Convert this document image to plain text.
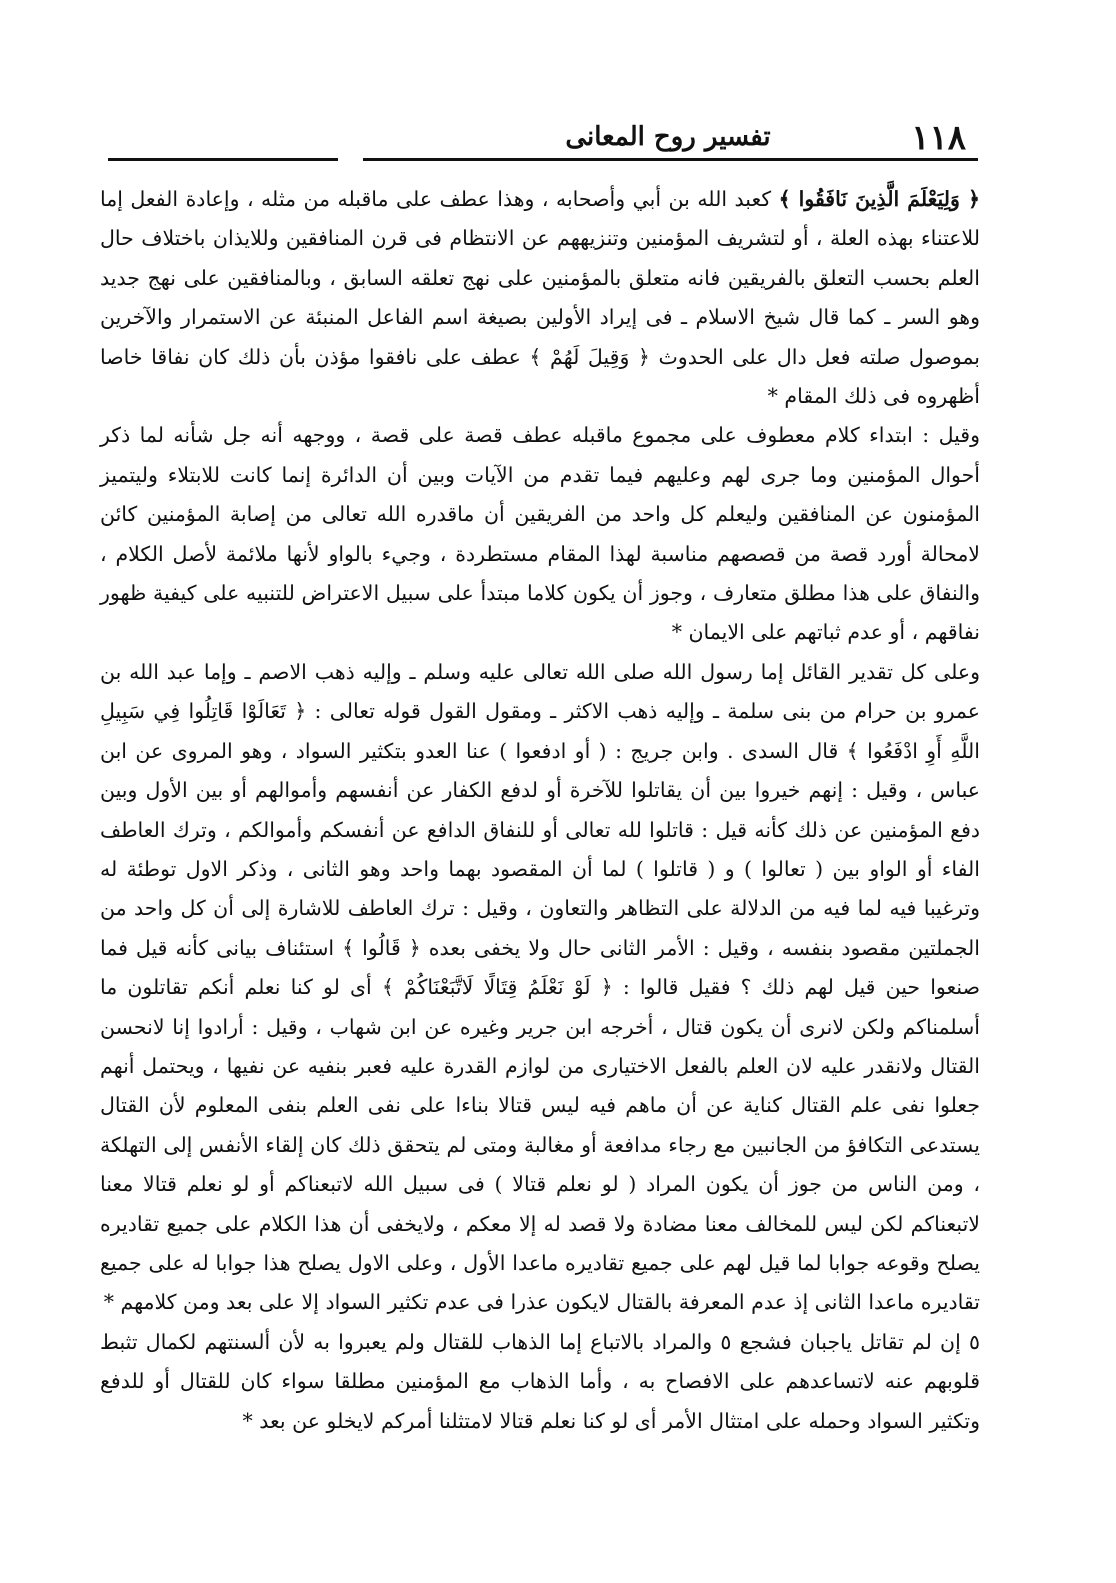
١١٨
تفسير روح المعانى

﴿ وَلِيَعْلَمَ الَّذِينَ نَافَقُوا ﴾ كعبد الله بن أبي وأصحابه ، وهذا عطف على ماقبله من مثله ، وإعادة الفعل إما للاعتناء بهذه العلة ، أو لتشريف المؤمنين وتنزيههم عن الانتظام فى قرن المنافقين وللايذان باختلاف حال العلم بحسب التعلق بالفريقين فانه متعلق بالمؤمنين على نهج تعلقه السابق ، وبالمنافقين على نهج جديد وهو السر ـ كما قال شيخ الاسلام ـ فى إيراد الأولين بصيغة اسم الفاعل المنبئة عن الاستمرار والآخرين بموصول صلته فعل دال على الحدوث ﴿ وَقِيلَ لَهُمْ ﴾ عطف على نافقوا مؤذن بأن ذلك كان نفاقا خاصا أظهروه فى ذلك المقام *

وقيل : ابتداء كلام معطوف على مجموع ماقبله عطف قصة على قصة ، ووجهه أنه جل شأنه لما ذكر أحوال المؤمنين وما جرى لهم وعليهم فيما تقدم من الآيات وبين أن الدائرة إنما كانت للابتلاء وليتميز المؤمنون عن المنافقين وليعلم كل واحد من الفريقين أن ماقدره الله تعالى من إصابة المؤمنين كائن لامحالة أورد قصة من قصصهم مناسبة لهذا المقام مستطردة ، وجيء بالواو لأنها ملائمة لأصل الكلام ، والنفاق على هذا مطلق متعارف ، وجوز أن يكون كلاما مبتدأ على سبيل الاعتراض للتنبيه على كيفية ظهور نفاقهم ، أو عدم ثباتهم على الايمان *

وعلى كل تقدير القائل إما رسول الله صلى الله تعالى عليه وسلم ـ وإليه ذهب الاصم ـ وإما عبد الله بن عمرو بن حرام من بنى سلمة ـ وإليه ذهب الاكثر ـ ومقول القول قوله تعالى : ﴿ تَعَالَوْا قَاتِلُوا فِي سَبِيلِ اللَّهِ أَوِ ادْفَعُوا ﴾ قال السدى . وابن جريج : ( أو ادفعوا ) عنا العدو بتكثير السواد ، وهو المروى عن ابن عباس ، وقيل : إنهم خيروا بين أن يقاتلوا للآخرة أو لدفع الكفار عن أنفسهم وأموالهم أو بين الأول وبين دفع المؤمنين عن ذلك كأنه قيل : قاتلوا لله تعالى أو للنفاق الدافع عن أنفسكم وأموالكم ، وترك العاطف الفاء أو الواو بين ( تعالوا ) و ( قاتلوا ) لما أن المقصود بهما واحد وهو الثانى ، وذكر الاول توطئة له وترغيبا فيه لما فيه من الدلالة على التظاهر والتعاون ، وقيل : ترك العاطف للاشارة إلى أن كل واحد من الجملتين مقصود بنفسه ، وقيل : الأمر الثانى حال ولا يخفى بعده ﴿ قَالُوا ﴾ استئناف بيانى كأنه قيل فما صنعوا حين قيل لهم ذلك ؟ فقيل قالوا : ﴿ لَوْ نَعْلَمُ قِتَالًا لَاتَّبَعْنَاكُمْ ﴾ أى لو كنا نعلم أنكم تقاتلون ما أسلمناكم ولكن لانرى أن يكون قتال ، أخرجه ابن جرير وغيره عن ابن شهاب ، وقيل : أرادوا إنا لانحسن القتال ولانقدر عليه لان العلم بالفعل الاختيارى من لوازم القدرة عليه فعبر بنفيه عن نفيها ، ويحتمل أنهم جعلوا نفى علم القتال كناية عن أن ماهم فيه ليس قتالا بناءا على نفى العلم بنفى المعلوم لأن القتال يستدعى التكافؤ من الجانبين مع رجاء مدافعة أو مغالبة ومتى لم يتحقق ذلك كان إلقاء الأنفس إلى التهلكة ، ومن الناس من جوز أن يكون المراد ( لو نعلم قتالا ) فى سبيل الله لاتبعناكم أو لو نعلم قتالا معنا لاتبعناكم لكن ليس للمخالف معنا مضادة ولا قصد له إلا معكم ، ولايخفى أن هذا الكلام على جميع تقاديره يصلح وقوعه جوابا لما قيل لهم على جميع تقاديره ماعدا الأول ، وعلى الاول يصلح هذا جوابا له على جميع تقاديره ماعدا الثانى إذ عدم المعرفة بالقتال لايكون عذرا فى عدم تكثير السواد إلا على بعد ومن كلامهم *

٥ إن لم تقاتل ياجبان فشجع ٥ والمراد بالاتباع إما الذهاب للقتال ولم يعبروا به لأن ألسنتهم لكمال تثبط قلوبهم عنه لاتساعدهم على الافصاح به ، وأما الذهاب مع المؤمنين مطلقا سواء كان للقتال أو للدفع وتكثير السواد وحمله على امتثال الأمر أى لو كنا نعلم قتالا لامتثلنا أمركم لايخلو عن بعد *
